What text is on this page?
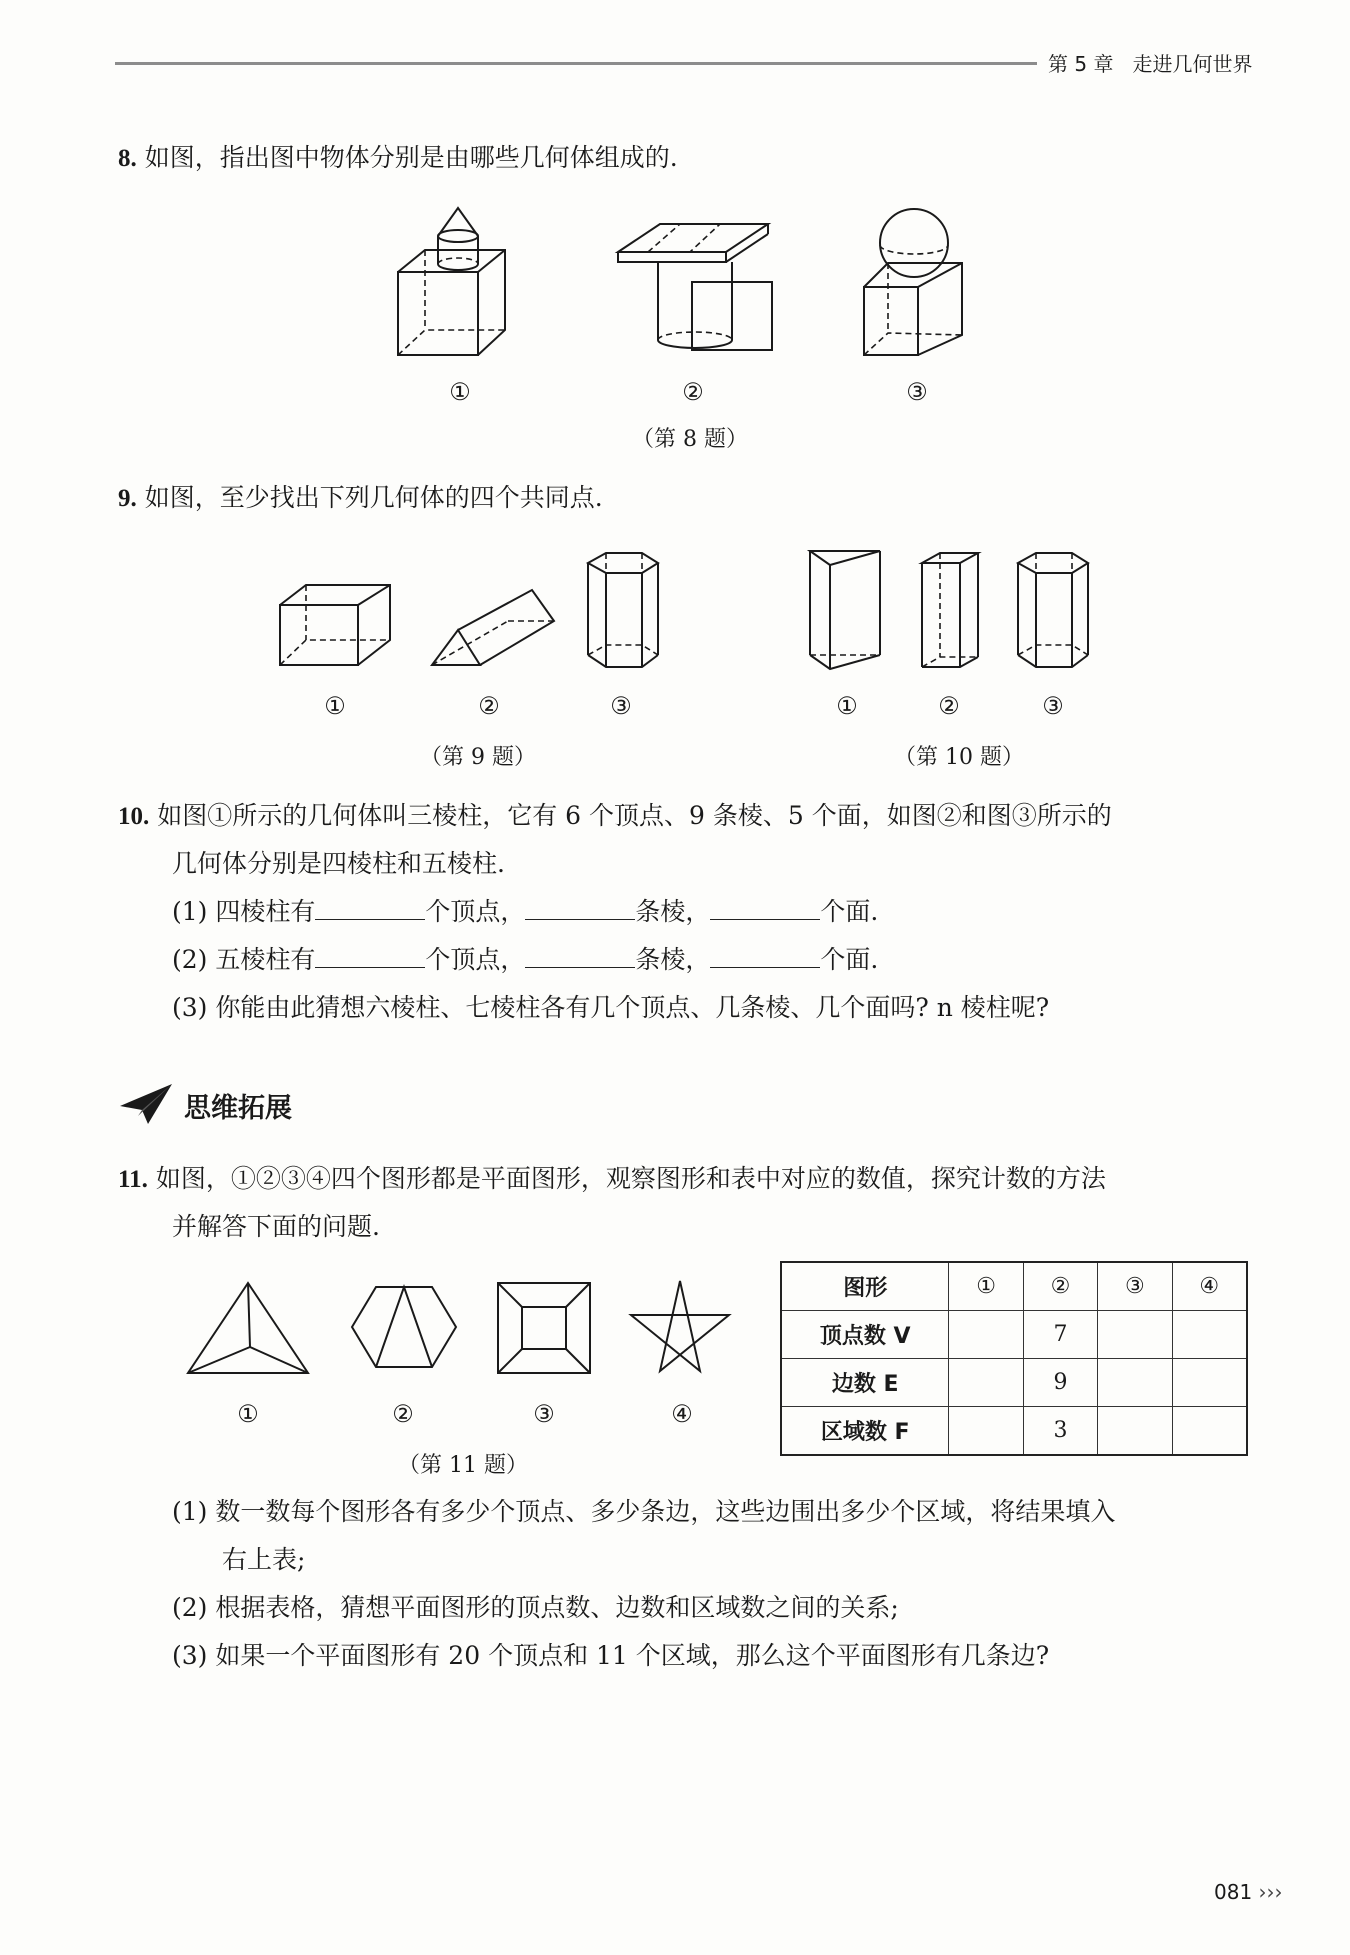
第 5 章 走进几何世界
8. 如图，指出图中物体分别是由哪些几何体组成的.
①	②	③
（第 8 题）
9. 如图，至少找出下列几何体的四个共同点.
①	②	③
（第 9 题）
①	②	③
（第 10 题）
10. 如图①所示的几何体叫三棱柱，它有 6 个顶点、9 条棱、5 个面，如图②和图③所示的
几何体分别是四棱柱和五棱柱.
(1) 四棱柱有	个顶点，	条棱，	个面.
(2) 五棱柱有	个顶点，	条棱，	个面.
(3) 你能由此猜想六棱柱、七棱柱各有几个顶点、几条棱、几个面吗? n 棱柱呢?
思维拓展
11. 如图，①②③④四个图形都是平面图形，观察图形和表中对应的数值，探究计数的方法
并解答下面的问题.
①	②	③	④
（第 11 题）
图形	①	②	③	④
顶点数 V		7		
边数 E		9		
区域数 F		3		
(1) 数一数每个图形各有多少个顶点、多少条边，这些边围出多少个区域，将结果填入
右上表;
(2) 根据表格，猜想平面图形的顶点数、边数和区域数之间的关系;
(3) 如果一个平面图形有 20 个顶点和 11 个区域，那么这个平面图形有几条边?
081 ›››
